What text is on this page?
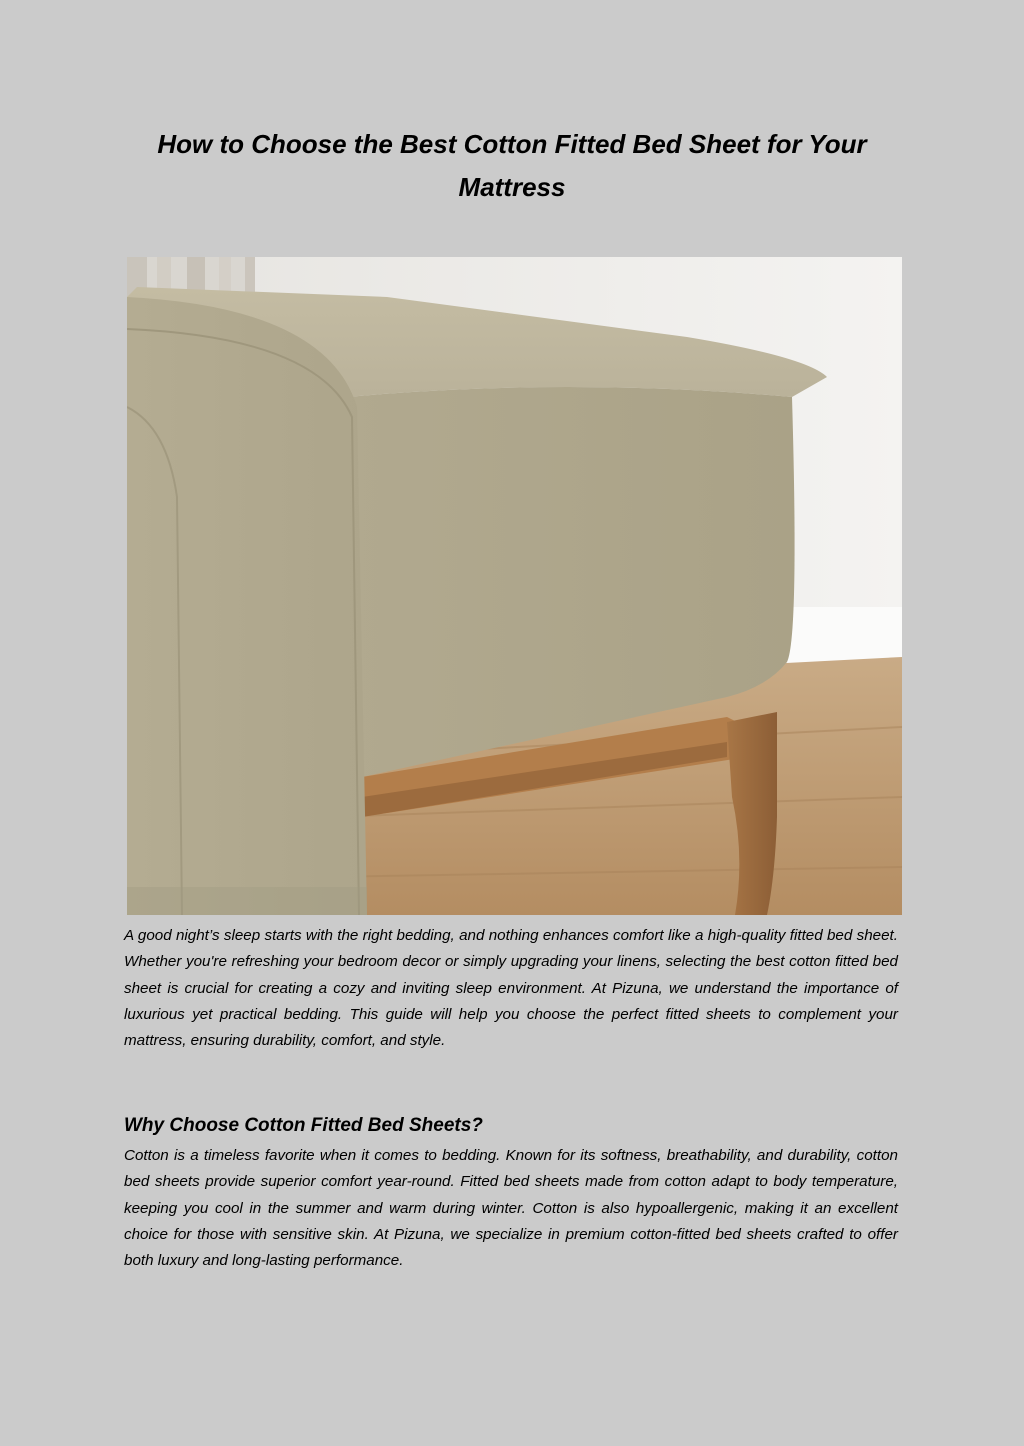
How to Choose the Best Cotton Fitted Bed Sheet for Your Mattress

A good night’s sleep starts with the right bedding, and nothing enhances comfort like a high-quality fitted bed sheet. Whether you're refreshing your bedroom decor or simply upgrading your linens, selecting the best cotton fitted bed sheet is crucial for creating a cozy and inviting sleep environment. At Pizuna, we understand the importance of luxurious yet practical bedding. This guide will help you choose the perfect fitted sheets to complement your mattress, ensuring durability, comfort, and style.

Why Choose Cotton Fitted Bed Sheets?

Cotton is a timeless favorite when it comes to bedding. Known for its softness, breathability, and durability, cotton bed sheets provide superior comfort year-round. Fitted bed sheets made from cotton adapt to body temperature, keeping you cool in the summer and warm during winter. Cotton is also hypoallergenic, making it an excellent choice for those with sensitive skin. At Pizuna, we specialize in premium cotton-fitted bed sheets crafted to offer both luxury and long-lasting performance.
